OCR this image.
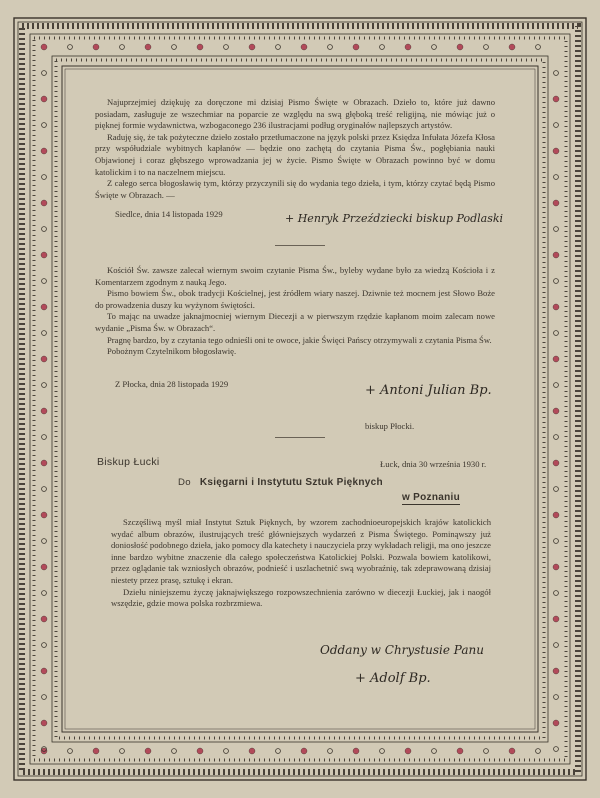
Najuprzejmiej dziękuję za doręczone mi dzisiaj Pismo Święte w Obrazach. Dzieło to, które już dawno posiadam, zasługuje ze wszechmiar na poparcie ze względu na swą głęboką treść religijną, nie mówiąc już o pięknej formie wydawnictwa, wzbogaconego 236 ilustracjami podług oryginałów najlepszych artystów.

Raduję się, że tak pożyteczne dzieło zostało przetłumaczone na język polski przez Księdza Infułata Józefa Kłosa przy współudziale wybitnych kapłanów — będzie ono zachętą do czytania Pisma Św., pogłębiania nauki Objawionej i coraz głębszego wprowadzania jej w życie. Pismo Święte w Obrazach powinno być w domu katolickim i to na naczelnem miejscu.

Z całego serca błogosławię tym, którzy przyczynili się do wydania tego dzieła, i tym, którzy czytać będą Pismo Święte w Obrazach. —

Siedlce, dnia 14 listopada 1929	+ Henryk Przeździecki biskup Podlaski

Kościół Św. zawsze zalecał wiernym swoim czytanie Pisma Św., byleby wydane było za wiedzą Kościoła i z Komentarzem zgodnym z nauką Jego.

Pismo bowiem Św., obok tradycji Kościelnej, jest źródłem wiary naszej. Dziwnie też mocnem jest Słowo Boże do prowadzenia duszy ku wyżynom świętości.

To mając na uwadze jaknajmocniej wiernym Diecezji a w pierwszym rzędzie kapłanom moim zalecam nowe wydanie „Pisma Św. w Obrazach“.

Pragnę bardzo, by z czytania tego odnieśli oni te owoce, jakie Święci Pańscy otrzymywali z czytania Pisma Św.

Pobożnym Czytelnikom błogosławię.

Z Płocka, dnia 28 listopada 1929	+ Antoni Julian Bp.
biskup Płocki.
Biskup Łucki	Łuck, dnia 30 września 1930 r.
Do Księgarni i Instytutu Sztuk Pięknych
w Poznaniu

Szczęśliwą myśl miał Instytut Sztuk Pięknych, by wzorem zachodnioeuropejskich krajów katolickich wydać album obrazów, ilustrujących treść główniejszych wydarzeń z Pisma Świętego. Pominąwszy już doniosłość podobnego dzieła, jako pomocy dla katechety i nauczyciela przy wykładach religji, ma ono jeszcze inne bardzo wybitne znaczenie dla całego społeczeństwa Katolickiej Polski. Pozwala bowiem katolikowi, przez oglądanie tak wzniosłych obrazów, podnieść i uszlachetnić swą wyobraźnię, tak zdeprawowaną dzisiaj niestety przez prasę, sztukę i ekran.

Dziełu niniejszemu życzę jaknajwiększego rozpowszechnienia zarówno w diecezji Łuckiej, jak i naogół wszędzie, gdzie mowa polska rozbrzmiewa.

Oddany w Chrystusie Panu
+ Adolf Bp.
